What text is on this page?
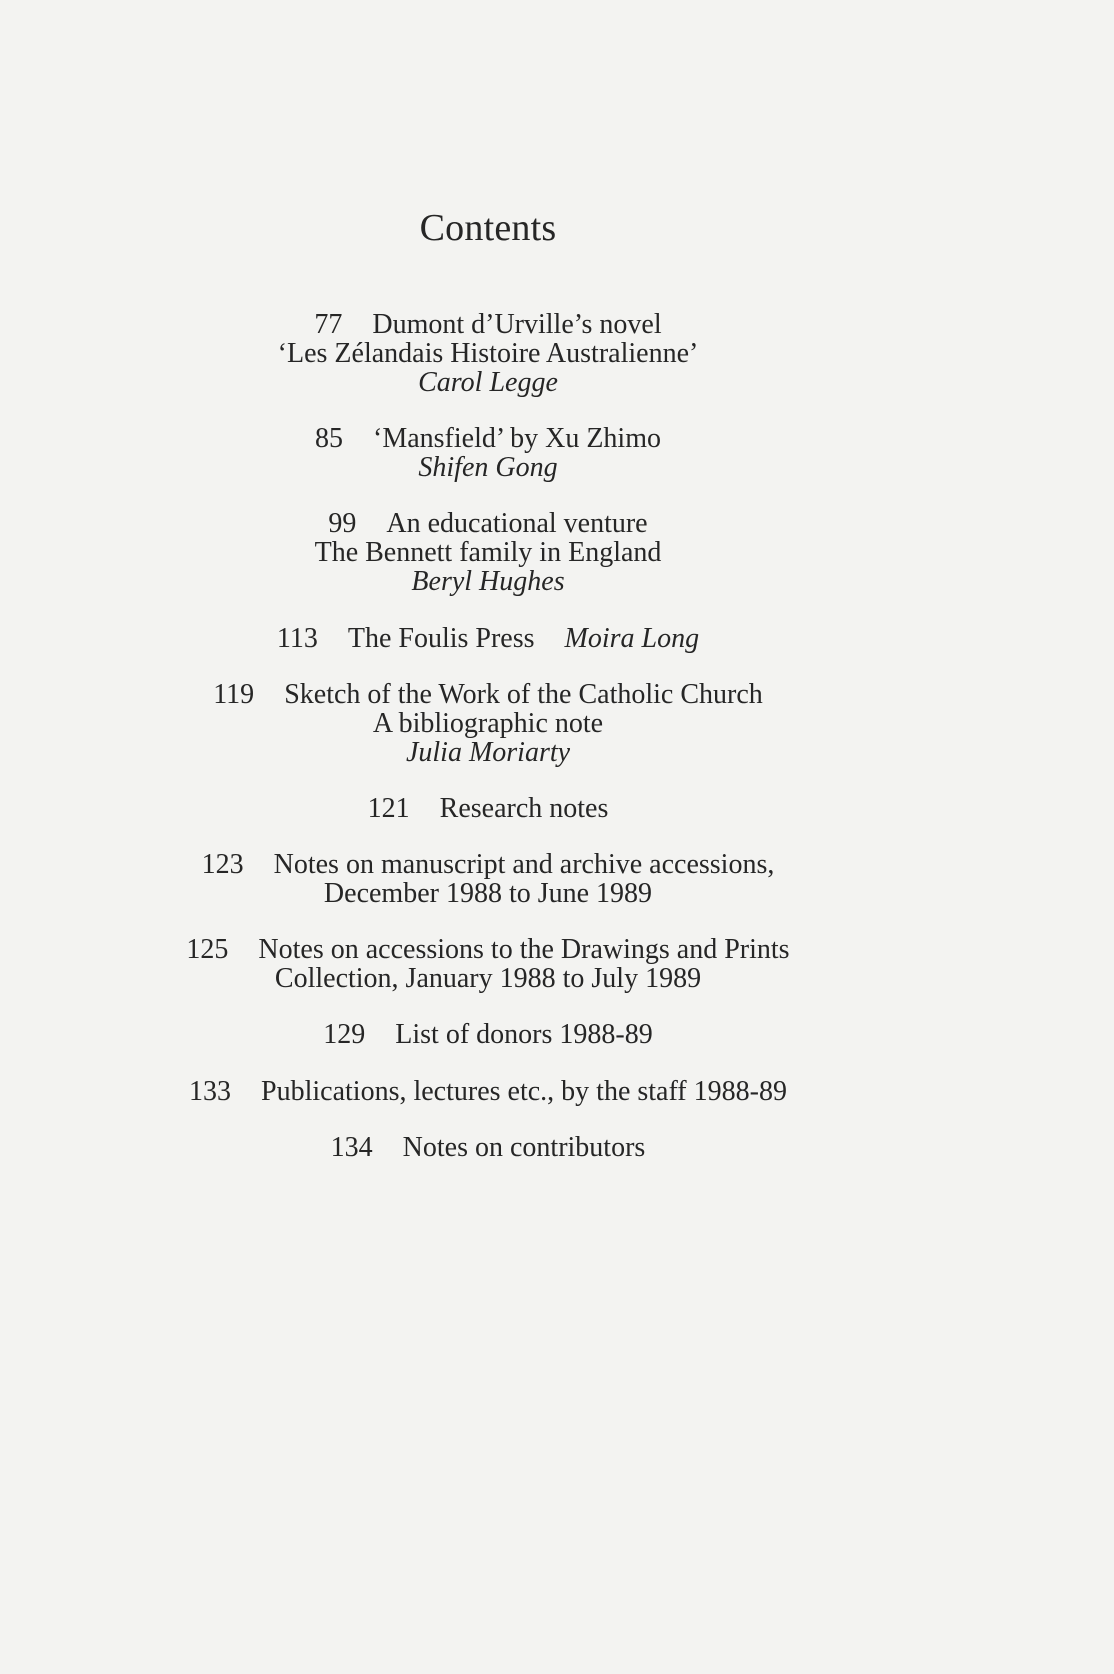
Contents
77 Dumont d’Urville’s novel
‘Les Zélandais Histoire Australienne’
Carol Legge
85 ‘Mansfield’ by Xu Zhimo
Shifen Gong
99 An educational venture
The Bennett family in England
Beryl Hughes
113 The Foulis Press Moira Long
119 Sketch of the Work of the Catholic Church
A bibliographic note
Julia Moriarty
121 Research notes
123 Notes on manuscript and archive accessions,
December 1988 to June 1989
125 Notes on accessions to the Drawings and Prints
Collection, January 1988 to July 1989
129 List of donors 1988-89
133 Publications, lectures etc., by the staff 1988-89
134 Notes on contributors
